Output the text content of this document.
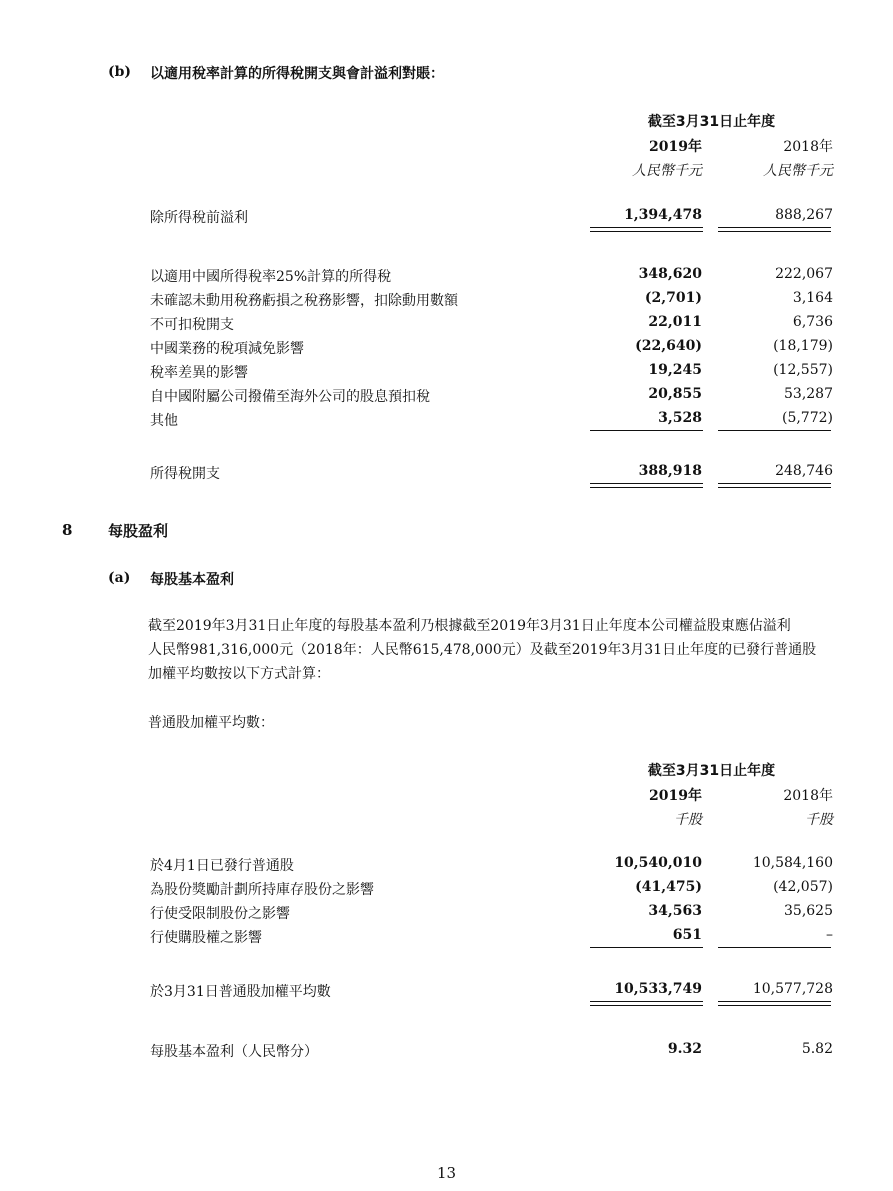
(b) 以適用稅率計算的所得稅開支與會計溢利對賬：
截至3月31日止年度
2019年	2018年
人民幣千元	人民幣千元
除所得稅前溢利	1,394,478	888,267
以適用中國所得稅率25%計算的所得稅	348,620	222,067
未確認未動用稅務虧損之稅務影響，扣除動用數額	(2,701)	3,164
不可扣稅開支	22,011	6,736
中國業務的稅項減免影響	(22,640)	(18,179)
稅率差異的影響	19,245	(12,557)
自中國附屬公司撥備至海外公司的股息預扣稅	20,855	53,287
其他	3,528	(5,772)
所得稅開支	388,918	248,746
8 每股盈利
(a) 每股基本盈利
截至2019年3月31日止年度的每股基本盈利乃根據截至2019年3月31日止年度本公司權益股東應佔溢利
人民幣981,316,000元（2018年：人民幣615,478,000元）及截至2019年3月31日止年度的已發行普通股
加權平均數按以下方式計算：
普通股加權平均數：
截至3月31日止年度
2019年	2018年
千股	千股
於4月1日已發行普通股	10,540,010	10,584,160
為股份獎勵計劃所持庫存股份之影響	(41,475)	(42,057)
行使受限制股份之影響	34,563	35,625
行使購股權之影響	651	–
於3月31日普通股加權平均數	10,533,749	10,577,728
每股基本盈利（人民幣分）	9.32	5.82
13
